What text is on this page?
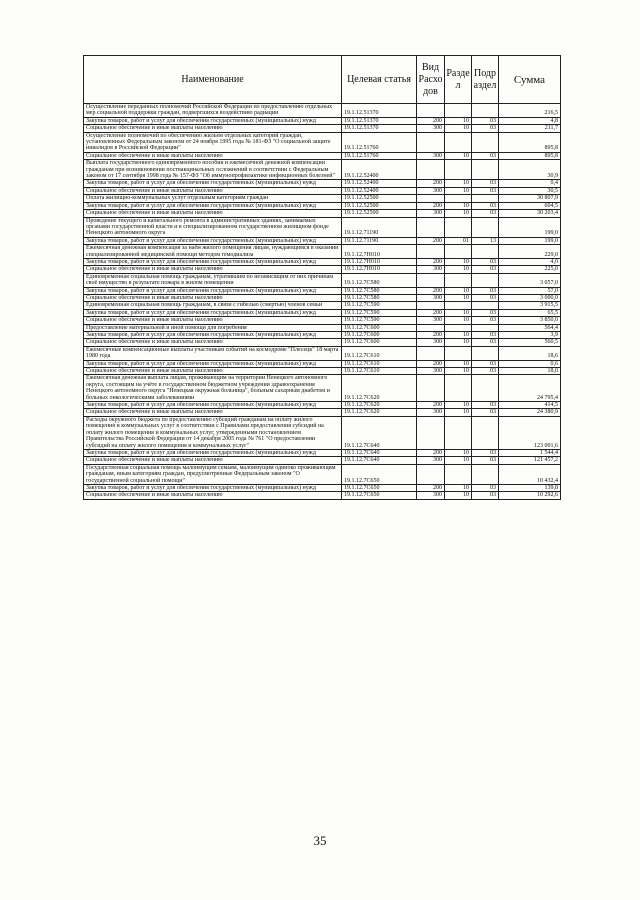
Наименование	Целевая статья	Вид Расхо дов	Разде л	Подр аздел	Сумма
Осуществление переданных полномочий Российской Федерации по предоставлению отдельных мер социальной поддержки граждан, подвергшихся воздействию радиации	19.1.12.51370				216,5
Закупка товаров, работ и услуг для обеспечения государственных (муниципальных) нужд	19.1.12.51370	200	10	03	4,8
Социальное обеспечение и иные выплаты населению	19.1.12.51370	300	10	03	211,7
Осуществление полномочий по обеспечению жильем отдельных категорий граждан, установленных Федеральным законом от 24 ноября 1995 года № 181-ФЗ "О социальной защите инвалидов в Российской Федерации"	19.1.12.51760				895,8
Социальное обеспечение и иные выплаты населению	19.1.12.51760	300	10	03	895,8
Выплата государственного единовременного пособия и ежемесячной денежной компенсации гражданам при возникновении поствакцинальных осложнений в соответствии с Федеральным законом от 17 сентября 1998 года № 157-ФЗ "Об иммунопрофилактике инфекционных болезней"	19.1.12.52400				30,9
Закупка товаров, работ и услуг для обеспечения государственных (муниципальных) нужд	19.1.12.52400	200	10	03	0,4
Социальное обеспечение и иные выплаты населению	19.1.12.52400	300	10	03	30,5
Оплата жилищно-коммунальных услуг отдельным категориям граждан	19.1.12.52500				30 807,9
Закупка товаров, работ и услуг для обеспечения государственных (муниципальных) нужд	19.1.12.52500	200	10	03	604,5
Социальное обеспечение и иные выплаты населению	19.1.12.52500	300	10	03	30 203,4
Проведение текущего и капитального ремонта в административных зданиях, занимаемых органами государственной власти и в специализированном государственном жилищном фонде Ненецкого автономного округа	19.1.12.71190				199,0
Закупка товаров, работ и услуг для обеспечения государственных (муниципальных) нужд	19.1.12.71190	200	01	13	199,0
Ежемесячная денежная компенсация за наём жилого помещения лицам, нуждающимся в оказании специализированной медицинской помощи методом гемодиализа	19.1.12.7Н010				229,0
Закупка товаров, работ и услуг для обеспечения государственных (муниципальных) нужд	19.1.12.7Н010	200	10	03	4,0
Социальное обеспечение и иные выплаты населению	19.1.12.7Н010	300	10	03	225,0
Единовременная социальная помощь гражданам, утратившим по независящим от них причинам своё имущество в результате пожара в жилом помещении	19.1.12.7С580				3 057,0
Закупка товаров, работ и услуг для обеспечения государственных (муниципальных) нужд	19.1.12.7С580	200	10	03	57,0
Социальное обеспечение и иные выплаты населению	19.1.12.7С580	300	10	03	3 000,0
Единовременная социальная помощь гражданам, в связи с гибелью (смертью) членов семьи	19.1.12.7С590				3 915,5
Закупка товаров, работ и услуг для обеспечения государственных (муниципальных) нужд	19.1.12.7С590	200	10	03	65,5
Социальное обеспечение и иные выплаты населению	19.1.12.7С590	300	10	03	3 850,0
Предоставление материальной и иной помощи для погребения	19.1.12.7С600				564,4
Закупка товаров, работ и услуг для обеспечения государственных (муниципальных) нужд	19.1.12.7С600	200	10	03	3,9
Социальное обеспечение и иные выплаты населению	19.1.12.7С600	300	10	03	560,5
Ежемесячные компенсационные выплаты участникам событий на космодроме "Плесецк" 18 марта 1980 года	19.1.12.7С610				18,6
Закупка товаров, работ и услуг для обеспечения государственных (муниципальных) нужд	19.1.12.7С610	200	10	03	0,6
Социальное обеспечение и иные выплаты населению	19.1.12.7С610	300	10	03	18,0
Ежемесячная денежная выплата лицам, проживающим на территории Ненецкого автономного округа, состоящим на учёте в государственном бюджетном учреждении здравоохранения Ненецкого автономного округа "Ненецкая окружная больница", больным сахарным диабетом и больных онкологическими заболеваниями	19.1.12.7С620				24 795,4
Закупка товаров, работ и услуг для обеспечения государственных (муниципальных) нужд	19.1.12.7С620	200	10	03	414,5
Социальное обеспечение и иные выплаты населению	19.1.12.7С620	300	10	03	24 380,9
Расходы окружного бюджета по предоставлению субсидий гражданам на оплату жилого помещения и коммунальных услуг в соответствии с Правилами предоставления субсидий на оплату жилого помещения и коммунальных услуг, утвержденными постановлением Правительства Российской Федерации от 14 декабря 2005 года № 761 "О предоставлении субсидий на оплату жилого помещения и коммунальных услуг"	19.1.12.7С640				123 001,6
Закупка товаров, работ и услуг для обеспечения государственных (муниципальных) нужд	19.1.12.7С640	200	10	03	1 544,4
Социальное обеспечение и иные выплаты населению	19.1.12.7С640	300	10	03	121 457,2
Государственная социальная помощь малоимущим семьям, малоимущим одиноко проживающим гражданам, иным категориям граждан, предусмотренные Федеральным законом "О государственной социальной помощи"	19.1.12.7С650				10 432,4
Закупка товаров, работ и услуг для обеспечения государственных (муниципальных) нужд	19.1.12.7С650	200	10	03	139,8
Социальное обеспечение и иные выплаты населению	19.1.12.7С650	300	10	03	10 292,6
35
